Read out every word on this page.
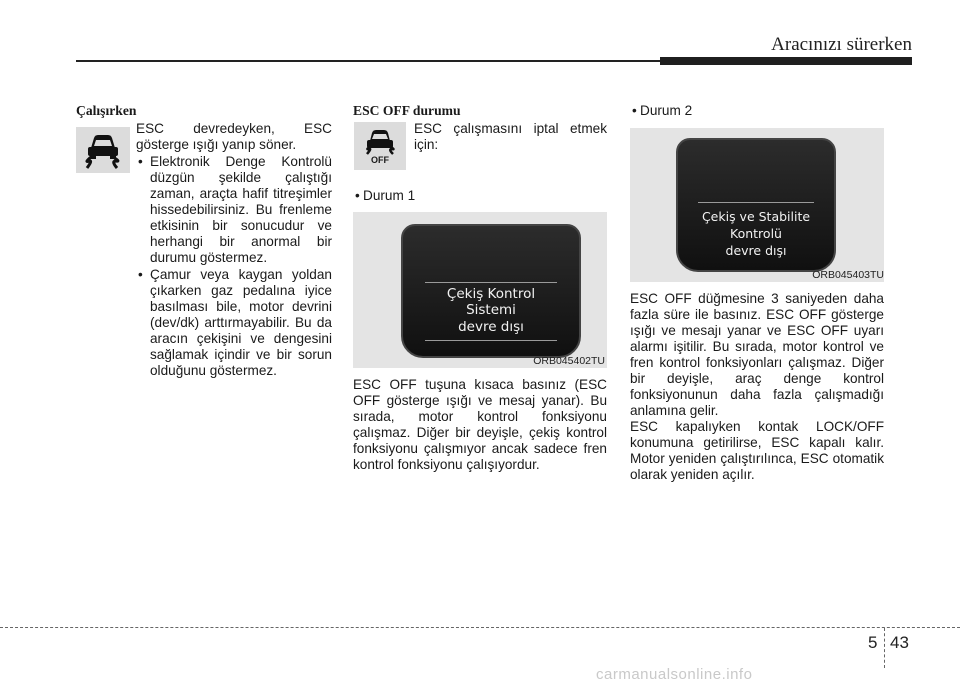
Aracınızı sürerken
Çalışırken

ESC devredeyken, ESC gösterge ışığı yanıp söner.

• Elektronik Denge Kontrolü düzgün şekilde çalıştığı zaman, araçta hafif titreşimler hissedebilirsiniz. Bu frenleme etkisinin bir sonucudur ve herhangi bir anormal bir durumu göstermez.
• Çamur veya kaygan yoldan çıkarken gaz pedalına iyice basılması bile, motor devrini (dev/dk) arttırmayabilir. Bu da aracın çekişini ve dengesini sağlamak içindir ve bir sorun olduğunu göstermez.
ESC OFF durumu
OFF

ESC çalışmasını iptal etmek için:

• Durum 1
Çekiş Kontrol
Sistemi
devre dışı
ORB045402TU

ESC OFF tuşuna kısaca basınız (ESC OFF gösterge ışığı ve mesaj yanar). Bu sırada, motor kontrol fonksiyonu çalışmaz. Diğer bir deyişle, çekiş kontrol fonksiyonu çalışmıyor ancak sadece fren kontrol fonksiyonu çalışıyordur.

• Durum 2
Çekiş ve Stabilite
Kontrolü
devre dışı
ORB045403TU

ESC OFF düğmesine 3 saniyeden daha fazla süre ile basınız. ESC OFF gösterge ışığı ve mesajı yanar ve ESC OFF uyarı alarmı işitilir. Bu sırada, motor kontrol ve fren kontrol fonksiyonları çalışmaz. Diğer bir deyişle, araç denge kontrol fonksiyonunun daha fazla çalışmadığı anlamına gelir.

ESC kapalıyken kontak LOCK/OFF konumuna getirilirse, ESC kapalı kalır. Motor yeniden çalıştırılınca, ESC otomatik olarak yeniden açılır.

5 43
carmanualsonline.info
